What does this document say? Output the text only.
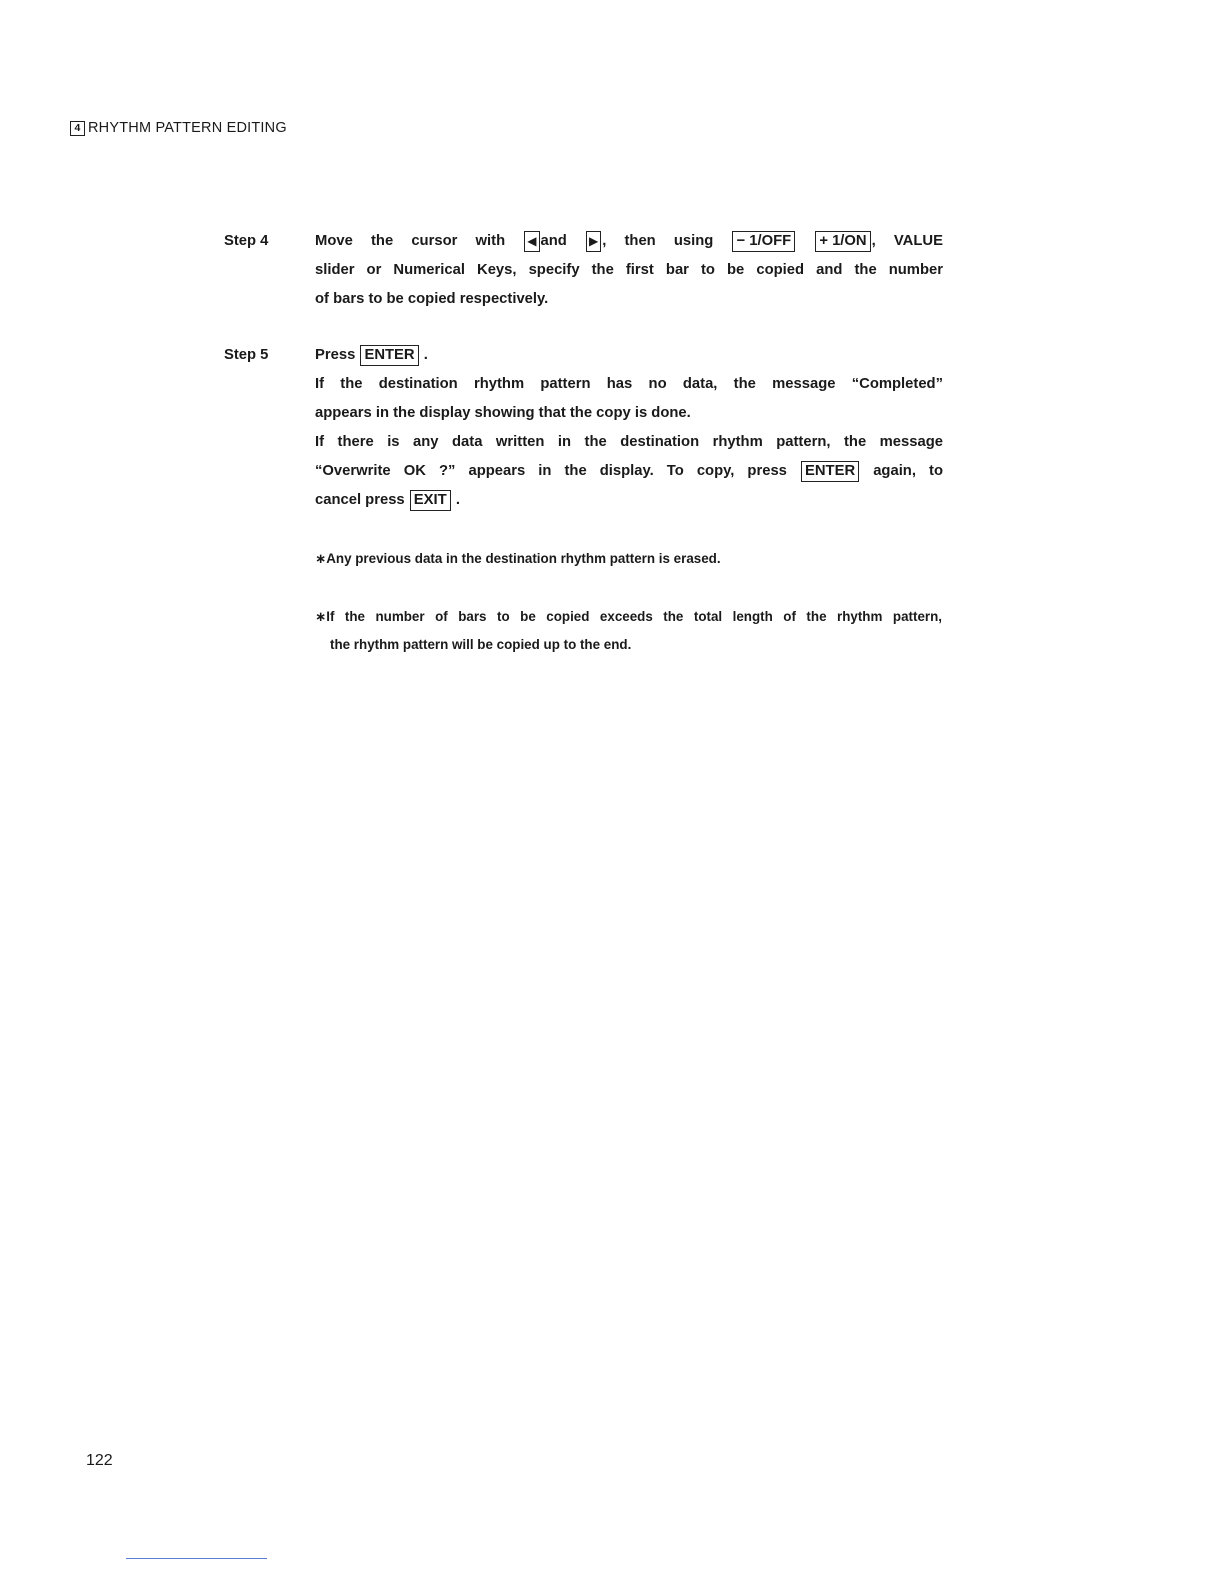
4 RHYTHM PATTERN EDITING
Step 4	Move the cursor with ◀ and ▶ , then using − 1/OFF + 1/ON , VALUE
slider or Numerical Keys, specify the first bar to be copied and the number
of bars to be copied respectively.
Step 5	Press ENTER .
If the destination rhythm pattern has no data, the message “Completed”
appears in the display showing that the copy is done.
If there is any data written in the destination rhythm pattern, the message
“Overwrite OK ?” appears in the display. To copy, press ENTER again, to
cancel press EXIT .
∗Any previous data in the destination rhythm pattern is erased.
∗If the number of bars to be copied exceeds the total length of the rhythm pattern,
the rhythm pattern will be copied up to the end.
122
